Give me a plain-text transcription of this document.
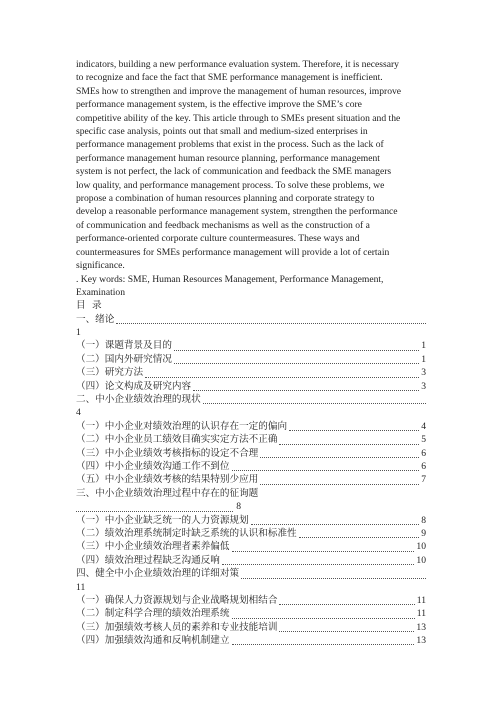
indicators, building a new performance evaluation system. Therefore, it is necessary

to recognize and face the fact that SME performance management is inefficient.

SMEs how to strengthen and improve the management of human resources, improve

performance management system, is the effective improve the SME’s core

competitive ability of the key. This article through to SMEs present situation and the

specific case analysis, points out that small and medium-sized enterprises in

performance management problems that exist in the process. Such as the lack of

performance management human resource planning, performance management

system is not perfect, the lack of communication and feedback the SME managers

low quality, and performance management process. To solve these problems, we

propose a combination of human resources planning and corporate strategy to

develop a reasonable performance management system, strengthen the performance

of communication and feedback mechanisms as well as the construction of a

performance-oriented corporate culture countermeasures. These ways and

countermeasures for SMEs performance management will provide a lot of certain

significance.

. Key words: SME, Human Resources Management, Performance Management,

Examination

目 录

一、绪论
1
（一）课题背景及目的	1
（二）国内外研究情况	1
（三）研究方法	3
（四）论文构成及研究内容	3
二、中小企业绩效治理的现状
4
（一）中小企业对绩效治理的认识存在一定的偏向	4
（二）中小企业员工绩效目确实实定方法不正确	5
（三）中小企业绩效考核指标的设定不合理	6
（四）中小企业绩效沟通工作不到位	6
（五）中小企业绩效考核的结果特别少应用	7
三、中小企业绩效治理过程中存在的征询题
8
（一）中小企业缺乏统一的人力资源规划	8
（二）绩效治理系统制定时缺乏系统的认识和标准性	9
（三）中小企业绩效治理者素养偏低	10
（四）绩效治理过程缺乏沟通反响	10
四、健全中小企业绩效治理的详细对策
11
（一）确保人力资源规划与企业战略规划相结合	11
（二）制定科学合理的绩效治理系统	11
（三）加强绩效考核人员的素养和专业技能培训	13
（四）加强绩效沟通和反响机制建立	13
